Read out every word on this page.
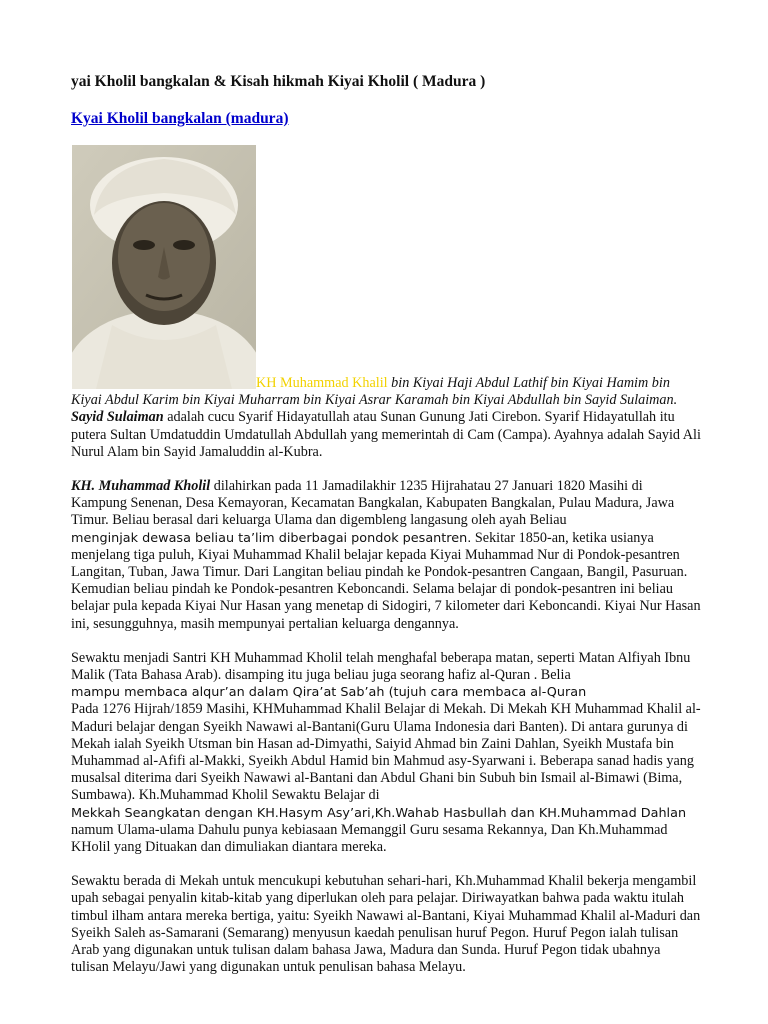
yai Kholil bangkalan & Kisah hikmah Kiyai Kholil ( Madura )
Kyai Kholil bangkalan (madura)

KH Muhammad Khalil bin Kiyai Haji Abdul Lathif bin Kiyai Hamim bin Kiyai Abdul Karim bin Kiyai Muharram bin Kiyai Asrar Karamah bin Kiyai Abdullah bin Sayid Sulaiman.

Sayid Sulaiman adalah cucu Syarif Hidayatullah atau Sunan Gunung Jati Cirebon. Syarif Hidayatullah itu putera Sultan Umdatuddin Umdatullah Abdullah yang memerintah di Cam (Campa). Ayahnya adalah Sayid Ali Nurul Alam bin Sayid Jamaluddin al-Kubra.

KH. Muhammad Kholil dilahirkan pada 11 Jamadilakhir 1235 Hijrahatau 27 Januari 1820 Masihi di Kampung Senenan, Desa Kemayoran, Kecamatan Bangkalan, Kabupaten Bangkalan, Pulau Madura, Jawa Timur. Beliau berasal dari keluarga Ulama dan digembleng langasung oleh ayah Beliau
menginjak dewasa beliau ta’lim diberbagai pondok pesantren. Sekitar 1850-an, ketika usianya menjelang tiga puluh, Kiyai Muhammad Khalil belajar kepada Kiyai Muhammad Nur di Pondok-pesantren Langitan, Tuban, Jawa Timur. Dari Langitan beliau pindah ke Pondok-pesantren Cangaan, Bangil, Pasuruan. Kemudian beliau pindah ke Pondok-pesantren Keboncandi. Selama belajar di pondok-pesantren ini beliau belajar pula kepada Kiyai Nur Hasan yang menetap di Sidogiri, 7 kilometer dari Keboncandi. Kiyai Nur Hasan ini, sesungguhnya, masih mempunyai pertalian keluarga dengannya.

Sewaktu menjadi Santri KH Muhammad Kholil telah menghafal beberapa matan, seperti Matan Alfiyah Ibnu Malik (Tata Bahasa Arab). disamping itu juga beliau juga seorang hafiz al-Quran . Belia
mampu membaca alqur’an dalam Qira’at Sab’ah (tujuh cara membaca al-Quran
Pada 1276 Hijrah/1859 Masihi, KHMuhammad Khalil Belajar di Mekah. Di Mekah KH Muhammad Khalil al-Maduri belajar dengan Syeikh Nawawi al-Bantani(Guru Ulama Indonesia dari Banten). Di antara gurunya di Mekah ialah Syeikh Utsman bin Hasan ad-Dimyathi, Saiyid Ahmad bin Zaini Dahlan, Syeikh Mustafa bin Muhammad al-Afifi al-Makki, Syeikh Abdul Hamid bin Mahmud asy-Syarwani i. Beberapa sanad hadis yang musalsal diterima dari Syeikh Nawawi al-Bantani dan Abdul Ghani bin Subuh bin Ismail al-Bimawi (Bima, Sumbawa). Kh.Muhammad Kholil Sewaktu Belajar di
Mekkah Seangkatan dengan KH.Hasym Asy’ari,Kh.Wahab Hasbullah dan KH.Muhammad Dahlan
namum Ulama-ulama Dahulu punya kebiasaan Memanggil Guru sesama Rekannya, Dan Kh.Muhammad KHolil yang Dituakan dan dimuliakan diantara mereka.

Sewaktu berada di Mekah untuk mencukupi kebutuhan sehari-hari, Kh.Muhammad Khalil bekerja mengambil upah sebagai penyalin kitab-kitab yang diperlukan oleh para pelajar. Diriwayatkan bahwa pada waktu itulah timbul ilham antara mereka bertiga, yaitu: Syeikh Nawawi al-Bantani, Kiyai Muhammad Khalil al-Maduri dan Syeikh Saleh as-Samarani (Semarang) menyusun kaedah penulisan huruf Pegon. Huruf Pegon ialah tulisan Arab yang digunakan untuk tulisan dalam bahasa Jawa, Madura dan Sunda. Huruf Pegon tidak ubahnya tulisan Melayu/Jawi yang digunakan untuk penulisan bahasa Melayu.
